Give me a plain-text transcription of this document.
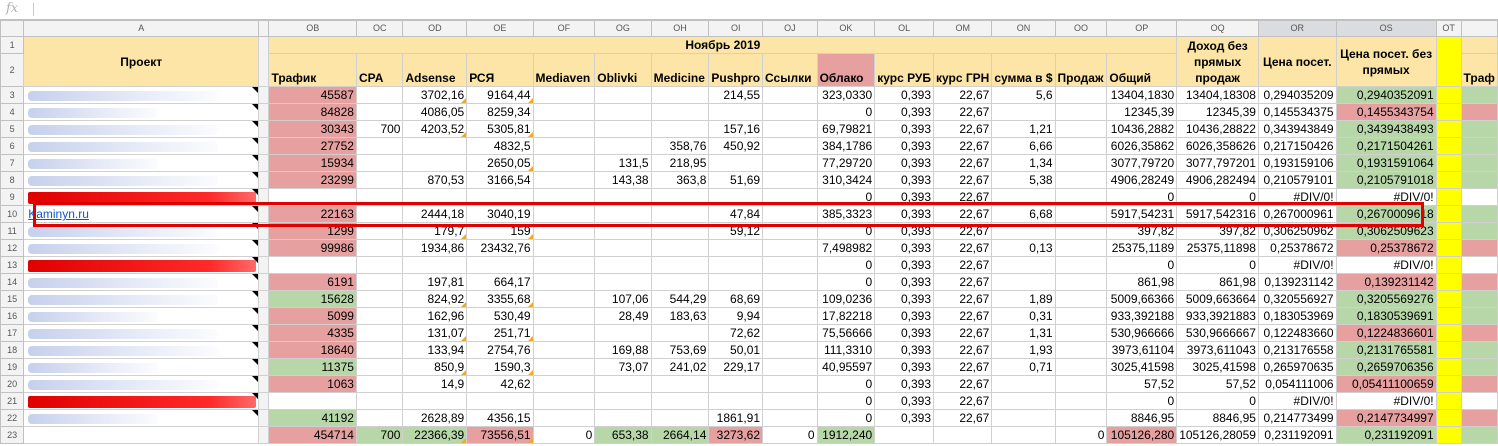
fx
	A		OB	OC	OD	OE	OF	OG	OH	OI	OJ	OK	OL	OM	ON	OO	OP	OQ	OR	OS	OT	
1	Проект		Ноябрь 2019															Доход без прямых продаж	Цена посет.	Цена посет. без прямых		
2			Трафик	CPA	Adsense	РСЯ	Mediaven	Oblivki	Medicine	Pushpro	Ссылки	Облако	курс РУБ	курс ГРН	сумма в $	Продаж	Общий					Траф
3			45587		3702,16	9164,44				214,55		323,0330	0,393	22,67	5,6		13404,1830	13404,18308	0,294035209	0,2940352091		
4			84828		4086,05	8259,34						0	0,393	22,67			12345,39	12345,39	0,145534375	0,1455343754		
5			30343	700	4203,52	5305,81				157,16		69,79821	0,393	22,67	1,21		10436,2882	10436,28822	0,343943849	0,3439438493		
6			27752			4832,5			358,76	450,92		384,1786	0,393	22,67	6,66		6026,35862	6026,358626	0,217150426	0,2171504261		
7			15934			2650,05		131,5	218,95			77,29720	0,393	22,67	1,34		3077,79720	3077,797201	0,193159106	0,1931591064		
8			23299		870,53	3166,54		143,38	363,8	51,69		310,3424	0,393	22,67	5,38		4906,28249	4906,282494	0,210579101	0,2105791018		
9												0	0,393	22,67			0	0	#DIV/0!	#DIV/0!		
10	Kaminyn.ru		22163		2444,18	3040,19				47,84		385,3323	0,393	22,67	6,68		5917,54231	5917,542316	0,267000961	0,2670009618		
11			1299		179,7	159				59,12		0	0,393	22,67			397,82	397,82	0,306250962	0,3062509623		
12			99986		1934,86	23432,76						7,498982	0,393	22,67	0,13		25375,1189	25375,11898	0,25378672	0,25378672		
13												0	0,393	22,67			0	0	#DIV/0!	#DIV/0!		
14			6191		197,81	664,17						0	0,393	22,67			861,98	861,98	0,139231142	0,139231142		
15			15628		824,92	3355,68		107,06	544,29	68,69		109,0236	0,393	22,67	1,89		5009,66366	5009,663664	0,320556927	0,3205569276		
16			5099		162,96	530,49		28,49	183,63	9,94		17,82218	0,393	22,67	0,31		933,392188	933,3921883	0,183053969	0,1830539691		
17			4335		131,07	251,71				72,62		75,56666	0,393	22,67	1,31		530,966666	530,9666667	0,122483660	0,1224836601		
18			18640		133,94	2754,76		169,88	753,69	50,01		111,3310	0,393	22,67	1,93		3973,61104	3973,611043	0,213176558	0,2131765581		
19			11375		850,9	1590,3		73,07	241,02	229,17		40,95597	0,393	22,67	0,71		3025,41598	3025,41598	0,265970635	0,2659706356		
20			1063		14,9	42,62						0	0,393	22,67			57,52	57,52	0,054111006	0,05411100659		
21												0	0,393	22,67			0	0	#DIV/0!	#DIV/0!		
22			41192		2628,89	4356,15				1861,91		0	0,393	22,67			8846,95	8846,95	0,214773499	0,2147734997		
23			454714	700	22366,39	73556,51	0	653,38	2664,14	3273,62	0	1912,240				0	105126,280	105126,28059	0,231192091	0,231192091		
